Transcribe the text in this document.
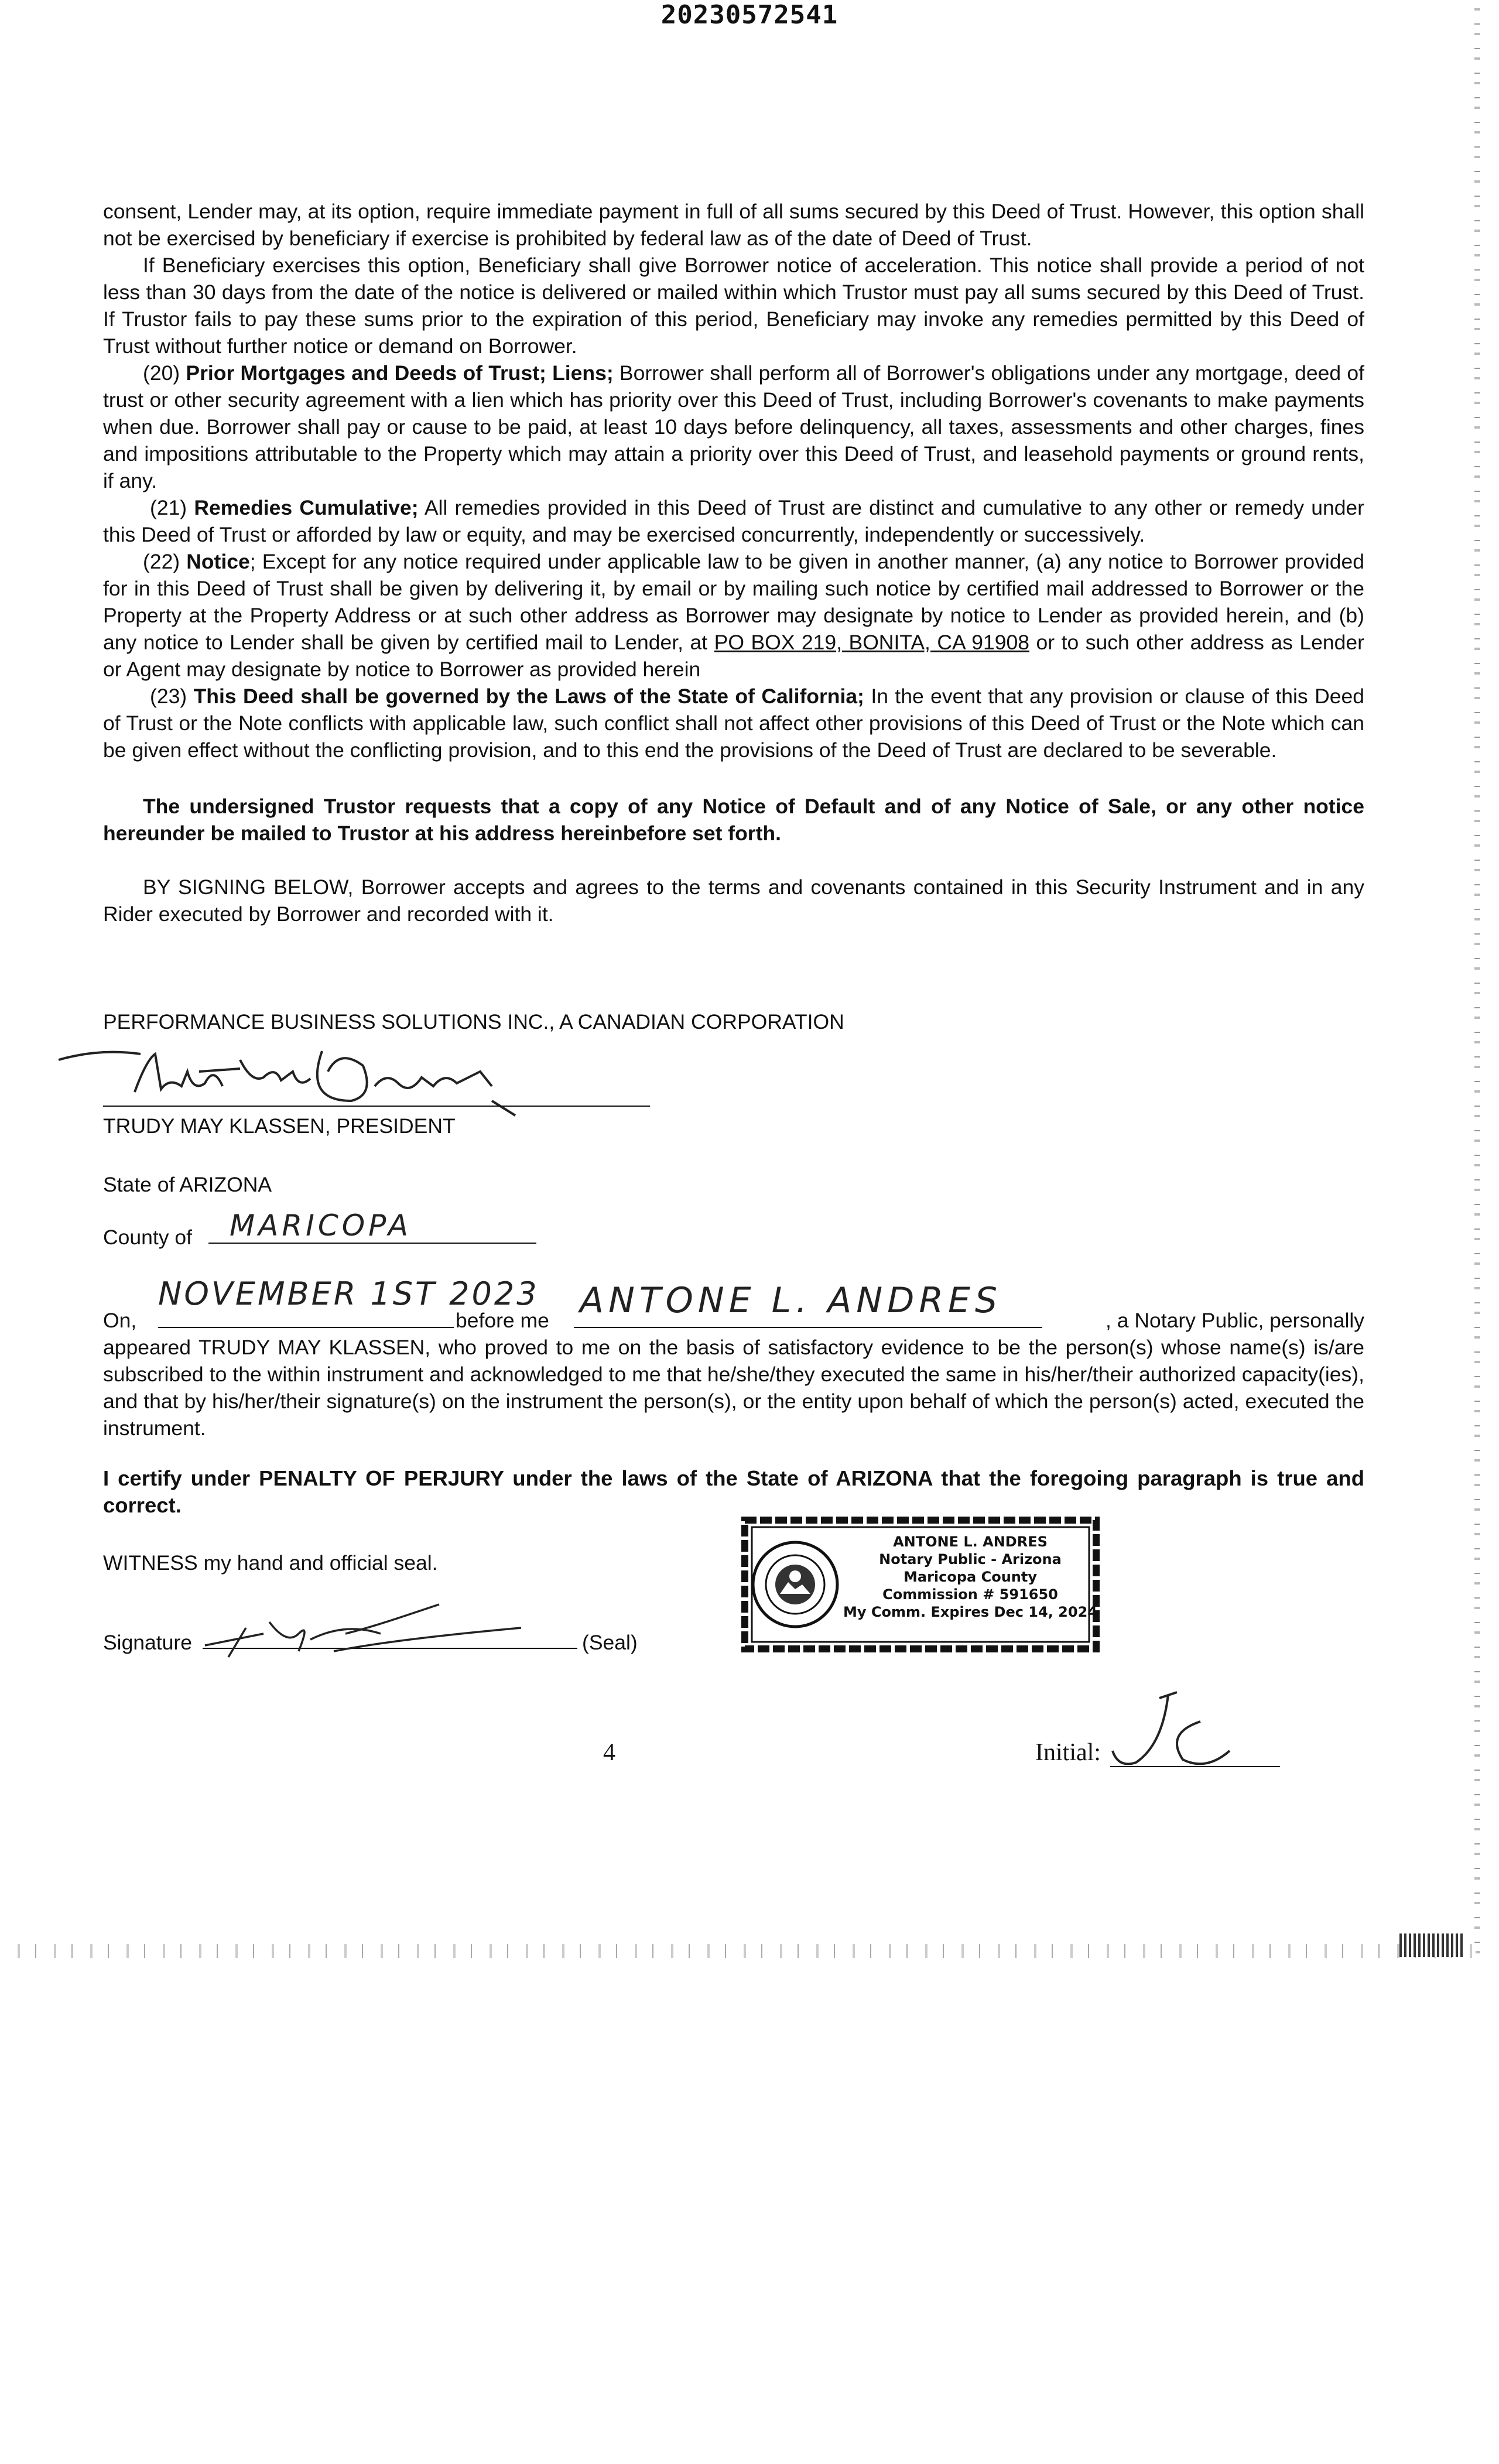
20230572541

consent, Lender may, at its option, require immediate payment in full of all sums secured by this Deed of Trust. However, this option shall not be exercised by beneficiary if exercise is prohibited by federal law as of the date of Deed of Trust.

If Beneficiary exercises this option, Beneficiary shall give Borrower notice of acceleration. This notice shall provide a period of not less than 30 days from the date of the notice is delivered or mailed within which Trustor must pay all sums secured by this Deed of Trust. If Trustor fails to pay these sums prior to the expiration of this period, Beneficiary may invoke any remedies permitted by this Deed of Trust without further notice or demand on Borrower.

(20) Prior Mortgages and Deeds of Trust; Liens; Borrower shall perform all of Borrower's obligations under any mortgage, deed of trust or other security agreement with a lien which has priority over this Deed of Trust, including Borrower's covenants to make payments when due. Borrower shall pay or cause to be paid, at least 10 days before delinquency, all taxes, assessments and other charges, fines and impositions attributable to the Property which may attain a priority over this Deed of Trust, and leasehold payments or ground rents, if any.

(21) Remedies Cumulative; All remedies provided in this Deed of Trust are distinct and cumulative to any other or remedy under this Deed of Trust or afforded by law or equity, and may be exercised concurrently, independently or successively.

(22) Notice; Except for any notice required under applicable law to be given in another manner, (a) any notice to Borrower provided for in this Deed of Trust shall be given by delivering it, by email or by mailing such notice by certified mail addressed to Borrower or the Property at the Property Address or at such other address as Borrower may designate by notice to Lender as provided herein, and (b) any notice to Lender shall be given by certified mail to Lender, at PO BOX 219, BONITA, CA 91908 or to such other address as Lender or Agent may designate by notice to Borrower as provided herein

(23) This Deed shall be governed by the Laws of the State of California; In the event that any provision or clause of this Deed of Trust or the Note conflicts with applicable law, such conflict shall not affect other provisions of this Deed of Trust or the Note which can be given effect without the conflicting provision, and to this end the provisions of the Deed of Trust are declared to be severable.

The undersigned Trustor requests that a copy of any Notice of Default and of any Notice of Sale, or any other notice hereunder be mailed to Trustor at his address hereinbefore set forth.

BY SIGNING BELOW, Borrower accepts and agrees to the terms and covenants contained in this Security Instrument and in any Rider executed by Borrower and recorded with it.

PERFORMANCE BUSINESS SOLUTIONS INC., A CANADIAN CORPORATION
TRUDY MAY KLASSEN, PRESIDENT
State of ARIZONA
County of MARICOPA
On,
NOVEMBER 1ST 2023
before me ANTONE L. ANDRES	, a Notary Public, personally
appeared TRUDY MAY KLASSEN, who proved to me on the basis of satisfactory evidence to be the person(s) whose name(s) is/are subscribed to the within instrument and acknowledged to me that he/she/they executed the same in his/her/their authorized capacity(ies), and that by his/her/their signature(s) on the instrument the person(s), or the entity upon behalf of which the person(s) acted, executed the instrument.
I certify under PENALTY OF PERJURY under the laws of the State of ARIZONA that the foregoing paragraph is true and correct.
WITNESS my hand and official seal.
Signature	(Seal)
ANTONE L. ANDRES
Notary Public - Arizona
Maricopa County
Commission # 591650
My Comm. Expires Dec 14, 2024
4	Initial:
